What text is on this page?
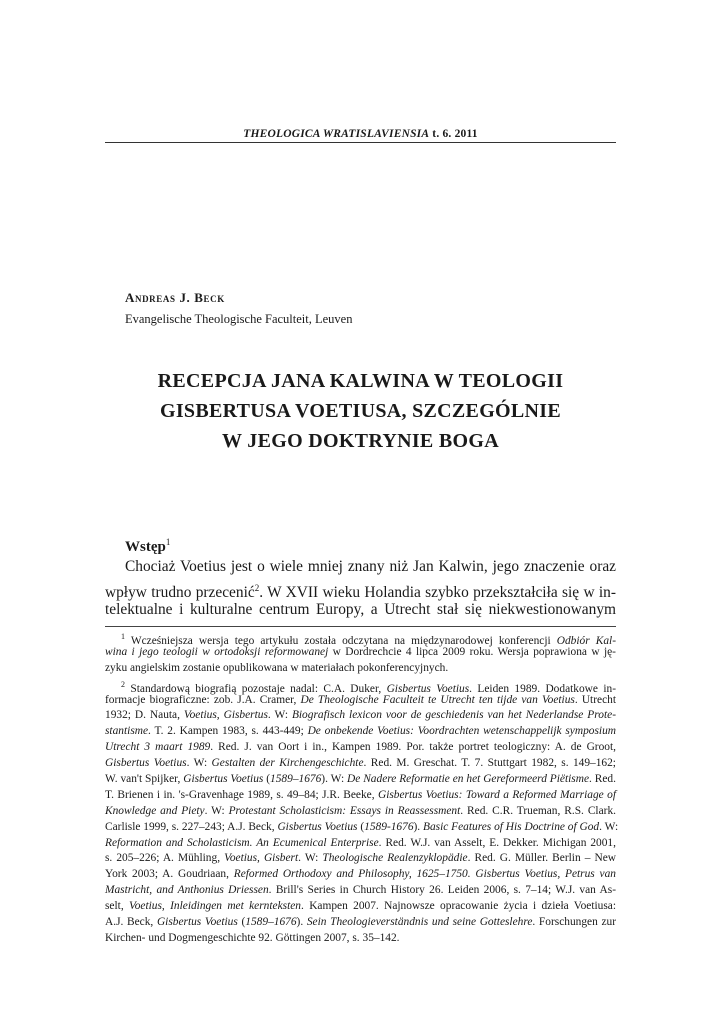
THEOLOGICA WRATISLAVIENSIA t. 6. 2011
Andreas J. Beck
Evangelische Theologische Faculteit, Leuven
RECEPCJA JANA KALWINA W TEOLOGII
GISBERTUSA VOETIUSA, SZCZEGÓLNIE
W JEGO DOKTRYNIE BOGA
Wstęp$^1$
Chociaż Voetius jest o wiele mniej znany niż Jan Kalwin, jego znaczenie oraz
wpływ trudno przecenić$^2$. W XVII wieku Holandia szybko przekształciła się w in-
telektualne i kulturalne centrum Europy, a Utrecht stał się niekwestionowanym
$^1$ Wcześniejsza wersja tego artykułu została odczytana na międzynarodowej konferencji Odbiór Kal-
wina i jego teologii w ortodoksji reformowanej w Dordrechcie 4 lipca 2009 roku. Wersja poprawiona w ję-
zyku angielskim zostanie opublikowana w materiałach pokonferencyjnych.
$^2$ Standardową biografią pozostaje nadal: C.A. Duker, Gisbertus Voetius. Leiden 1989. Dodatkowe in-
formacje biograficzne: zob. J.A. Cramer, De Theologische Faculteit te Utrecht ten tijde van Voetius. Utrecht
1932; D. Nauta, Voetius, Gisbertus. W: Biografisch lexicon voor de geschiedenis van het Nederlandse Prote-
stantisme. T. 2. Kampen 1983, s. 443-449; De onbekende Voetius: Voordrachten wetenschappelijk symposium
Utrecht 3 maart 1989. Red. J. van Oort i in., Kampen 1989. Por. także portret teologiczny: A. de Groot,
Gisbertus Voetius. W: Gestalten der Kirchengeschichte. Red. M. Greschat. T. 7. Stuttgart 1982, s. 149–162;
W. van't Spijker, Gisbertus Voetius (1589–1676). W: De Nadere Reformatie en het Gereformeerd Piëtisme. Red.
T. Brienen i in. 's-Gravenhage 1989, s. 49–84; J.R. Beeke, Gisbertus Voetius: Toward a Reformed Marriage of
Knowledge and Piety. W: Protestant Scholasticism: Essays in Reassessment. Red. C.R. Trueman, R.S. Clark.
Carlisle 1999, s. 227–243; A.J. Beck, Gisbertus Voetius (1589-1676). Basic Features of His Doctrine of God. W:
Reformation and Scholasticism. An Ecumenical Enterprise. Red. W.J. van Asselt, E. Dekker. Michigan 2001,
s. 205–226; A. Mühling, Voetius, Gisbert. W: Theologische Realenzyklopädie. Red. G. Müller. Berlin – New
York 2003; A. Goudriaan, Reformed Orthodoxy and Philosophy, 1625–1750. Gisbertus Voetius, Petrus van
Mastricht, and Anthonius Driessen. Brill's Series in Church History 26. Leiden 2006, s. 7–14; W.J. van As-
selt, Voetius, Inleidingen met kernteksten. Kampen 2007. Najnowsze opracowanie życia i dzieła Voetiusa:
A.J. Beck, Gisbertus Voetius (1589–1676). Sein Theologieverständnis und seine Gotteslehre. Forschungen zur
Kirchen- und Dogmengeschichte 92. Göttingen 2007, s. 35–142.
